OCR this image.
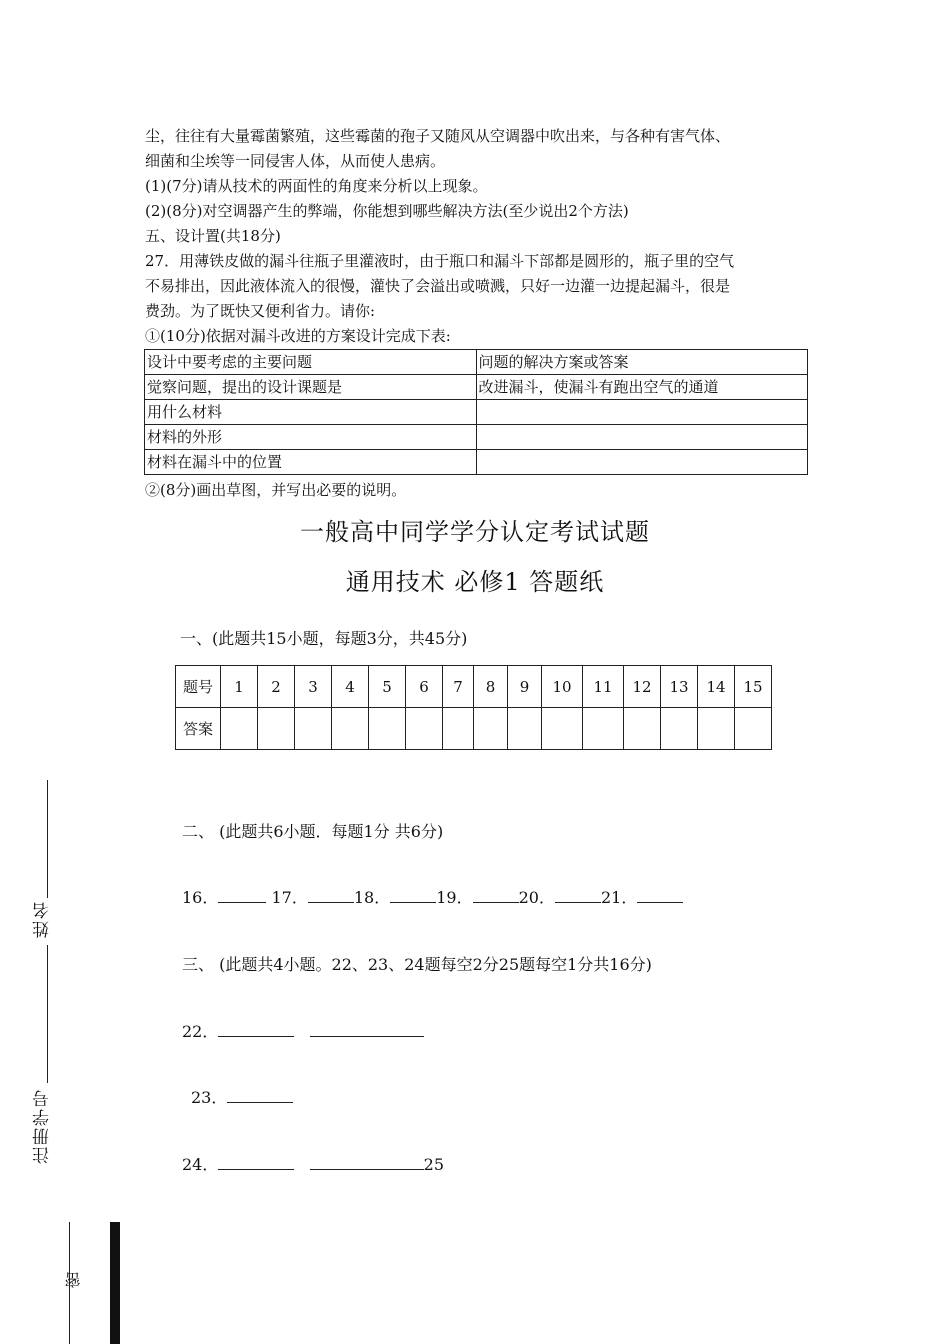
尘，往往有大量霉菌繁殖，这些霉菌的孢子又随风从空调器中吹出来，与各种有害气体、
细菌和尘埃等一同侵害人体，从而使人患病。
(1)(7分)请从技术的两面性的角度来分析以上现象。
(2)(8分)对空调器产生的弊端，你能想到哪些解决方法(至少说出2个方法)
五、设计置(共18分)
27．用薄铁皮做的漏斗往瓶子里灌液时，由于瓶口和漏斗下部都是圆形的，瓶子里的空气
不易排出，因此液体流入的很慢，灌快了会溢出或喷溅，只好一边灌一边提起漏斗，很是
费劲。为了既快又便利省力。请你:
①(10分)依据对漏斗改进的方案设计完成下表:
设计中要考虑的主要问题	问题的解决方案或答案
觉察问题，提出的设计课题是	改进漏斗，使漏斗有跑出空气的通道
用什么材料	
材料的外形	
材料在漏斗中的位置	
②(8分)画出草图，并写出必要的说明。
一般高中同学学分认定考试试题
通用技术 必修1 答题纸
一、(此题共15小题，每题3分，共45分)
题号	1	2	3	4	5	6	7	8	9	10	11	12	13	14	15
答案															
二、 (此题共6小题．每题1分 共6分)
16．	17．	18．	19．	20．	21．
三、 (此题共4小题。22、23、24题每空2分25题每空1分共16分)
22．
23．
24．	25
姓名
注册学号
密
